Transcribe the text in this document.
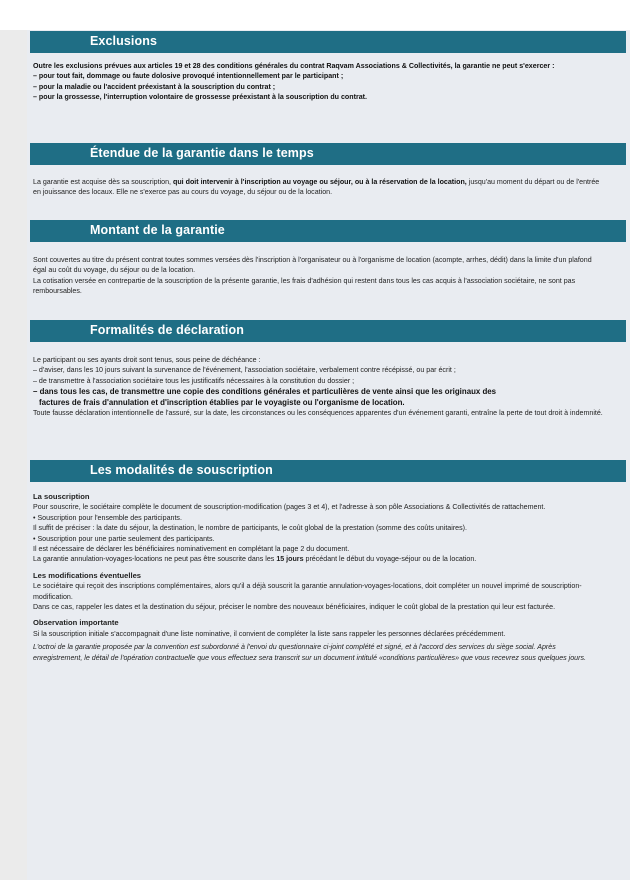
Exclusions

Outre les exclusions prévues aux articles 19 et 28 des conditions générales du contrat Raqvam Associations & Collectivités, la garantie ne peut s'exercer :

– pour tout fait, dommage ou faute dolosive provoqué intentionnellement par le participant ;

– pour la maladie ou l'accident préexistant à la souscription du contrat ;

– pour la grossesse, l'interruption volontaire de grossesse préexistant à la souscription du contrat.

Étendue de la garantie dans le temps

La garantie est acquise dès sa souscription, qui doit intervenir à l'inscription au voyage ou séjour, ou à la réservation de la location, jusqu'au moment du départ ou de l'entrée en jouissance des locaux. Elle ne s'exerce pas au cours du voyage, du séjour ou de la location.

Montant de la garantie

Sont couvertes au titre du présent contrat toutes sommes versées dès l'inscription à l'organisateur ou à l'organisme de location (acompte, arrhes, dédit) dans la limite d'un plafond égal au coût du voyage, du séjour ou de la location.

La cotisation versée en contrepartie de la souscription de la présente garantie, les frais d'adhésion qui restent dans tous les cas acquis à l'association sociétaire, ne sont pas remboursables.

Formalités de déclaration

Le participant ou ses ayants droit sont tenus, sous peine de déchéance :

– d'aviser, dans les 10 jours suivant la survenance de l'événement, l'association sociétaire, verbalement contre récépissé, ou par écrit ;

– de transmettre à l'association sociétaire tous les justificatifs nécessaires à la constitution du dossier ;

– dans tous les cas, de transmettre une copie des conditions générales et particulières de vente ainsi que les originaux des

factures de frais d'annulation et d'inscription établies par le voyagiste ou l'organisme de location.

Toute fausse déclaration intentionnelle de l'assuré, sur la date, les circonstances ou les conséquences apparentes d'un événement garanti, entraîne la perte de tout droit à indemnité.

Les modalités de souscription

La souscription

Pour souscrire, le sociétaire complète le document de souscription-modification (pages 3 et 4), et l'adresse à son pôle Associations & Collectivités de rattachement.

• Souscription pour l'ensemble des participants.

Il suffit de préciser : la date du séjour, la destination, le nombre de participants, le coût global de la prestation (somme des coûts unitaires).

• Souscription pour une partie seulement des participants.

Il est nécessaire de déclarer les bénéficiaires nominativement en complétant la page 2 du document.

La garantie annulation-voyages-locations ne peut pas être souscrite dans les 15 jours précédant le début du voyage-séjour ou de la location.

Les modifications éventuelles

Le sociétaire qui reçoit des inscriptions complémentaires, alors qu'il a déjà souscrit la garantie annulation-voyages-locations, doit compléter un nouvel imprimé de souscription-modification.

Dans ce cas, rappeler les dates et la destination du séjour, préciser le nombre des nouveaux bénéficiaires, indiquer le coût global de la prestation qui leur est facturée.

Observation importante

Si la souscription initiale s'accompagnait d'une liste nominative, il convient de compléter la liste sans rappeler les personnes déclarées précédemment.

L'octroi de la garantie proposée par la convention est subordonné à l'envoi du questionnaire ci-joint complété et signé, et à l'accord des services du siège social. Après enregistrement, le détail de l'opération contractuelle que vous effectuez sera transcrit sur un document intitulé «conditions particulières» que vous recevrez sous quelques jours.
